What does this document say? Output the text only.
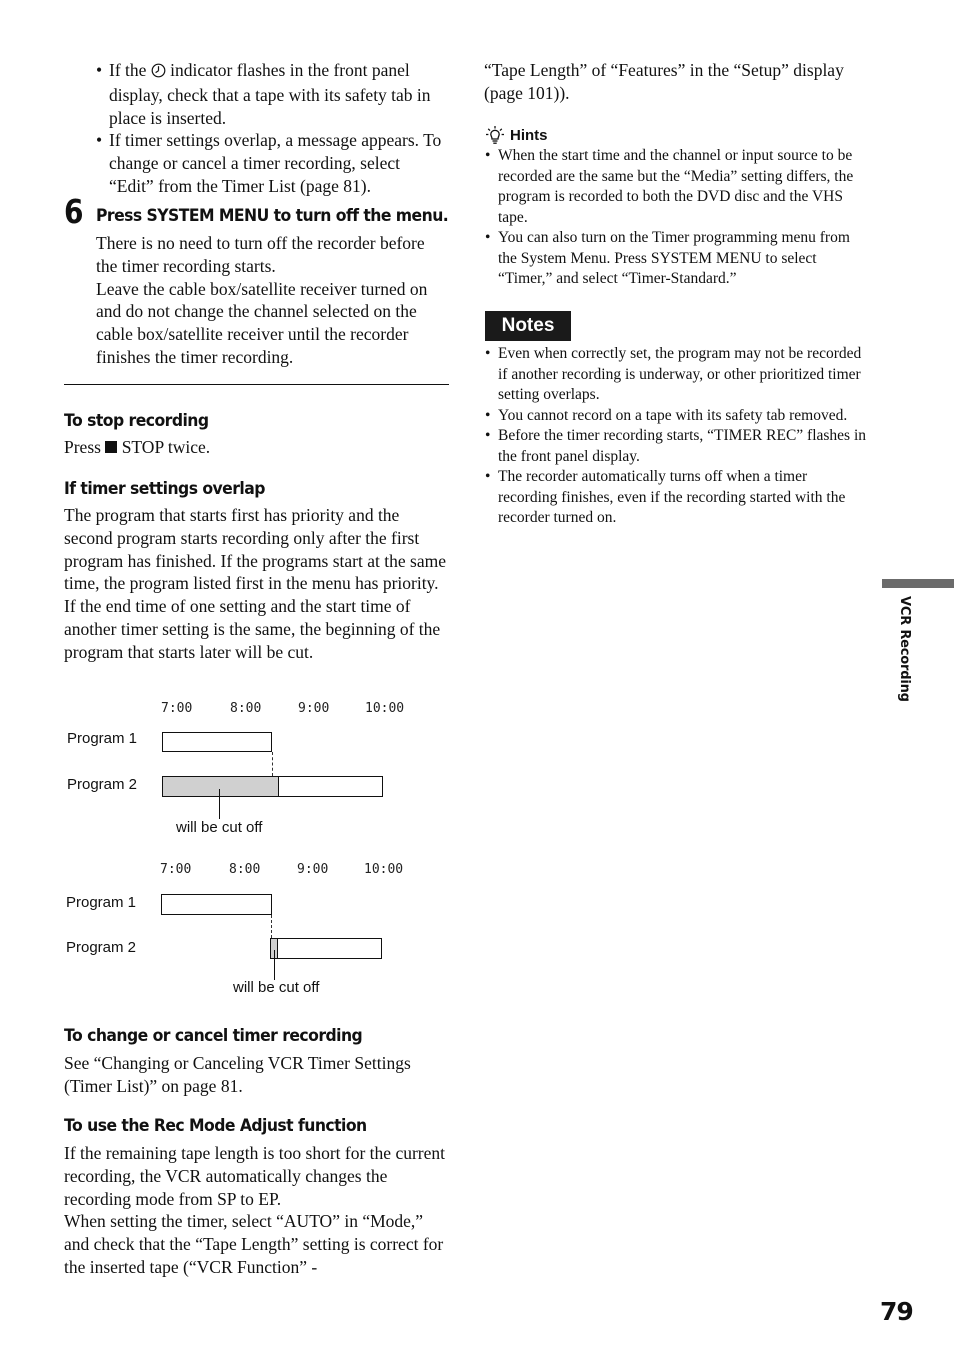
• If the  indicator flashes in the front panel display, check that a tape with its safety tab in place is inserted.
• If timer settings overlap, a message appears. To change or cancel a timer recording, select “Edit” from the Timer List (page 81).
6 Press SYSTEM MENU to turn off the menu.

There is no need to turn off the recorder before the timer recording starts.

Leave the cable box/satellite receiver turned on and do not change the channel selected on the cable box/satellite receiver until the recorder finishes the timer recording.

To stop recording
Press  STOP twice.
If timer settings overlap
The program that starts first has priority and the second program starts recording only after the first program has finished. If the programs start at the same time, the program listed first in the menu has priority. If the end time of one setting and the start time of another timer setting is the same, the beginning of the program that starts later will be cut.
7:00	8:00	9:00	10:00
Program 1
Program 2
will be cut off
7:00	8:00	9:00	10:00
Program 1
Program 2
will be cut off
To change or cancel timer recording
See “Changing or Canceling VCR Timer Settings (Timer List)” on page 81.
To use the Rec Mode Adjust function

If the remaining tape length is too short for the current recording, the VCR automatically changes the recording mode from SP to EP.

When setting the timer, select “AUTO” in “Mode,” and check that the “Tape Length” setting is correct for the inserted tape (“VCR Function” -

“Tape Length” of “Features” in the “Setup” display (page 101)).
Hints
• When the start time and the channel or input source to be recorded are the same but the “Media” setting differs, the program is recorded to both the DVD disc and the VHS tape.
• You can also turn on the Timer programming menu from the System Menu. Press SYSTEM MENU to select “Timer,” and select “Timer-Standard.”
Notes
• Even when correctly set, the program may not be recorded if another recording is underway, or other prioritized timer setting overlaps.
• You cannot record on a tape with its safety tab removed.
• Before the timer recording starts, “TIMER REC” flashes in the front panel display.
• The recorder automatically turns off when a timer recording finishes, even if the recording started with the recorder turned on.
VCR Recording
79
